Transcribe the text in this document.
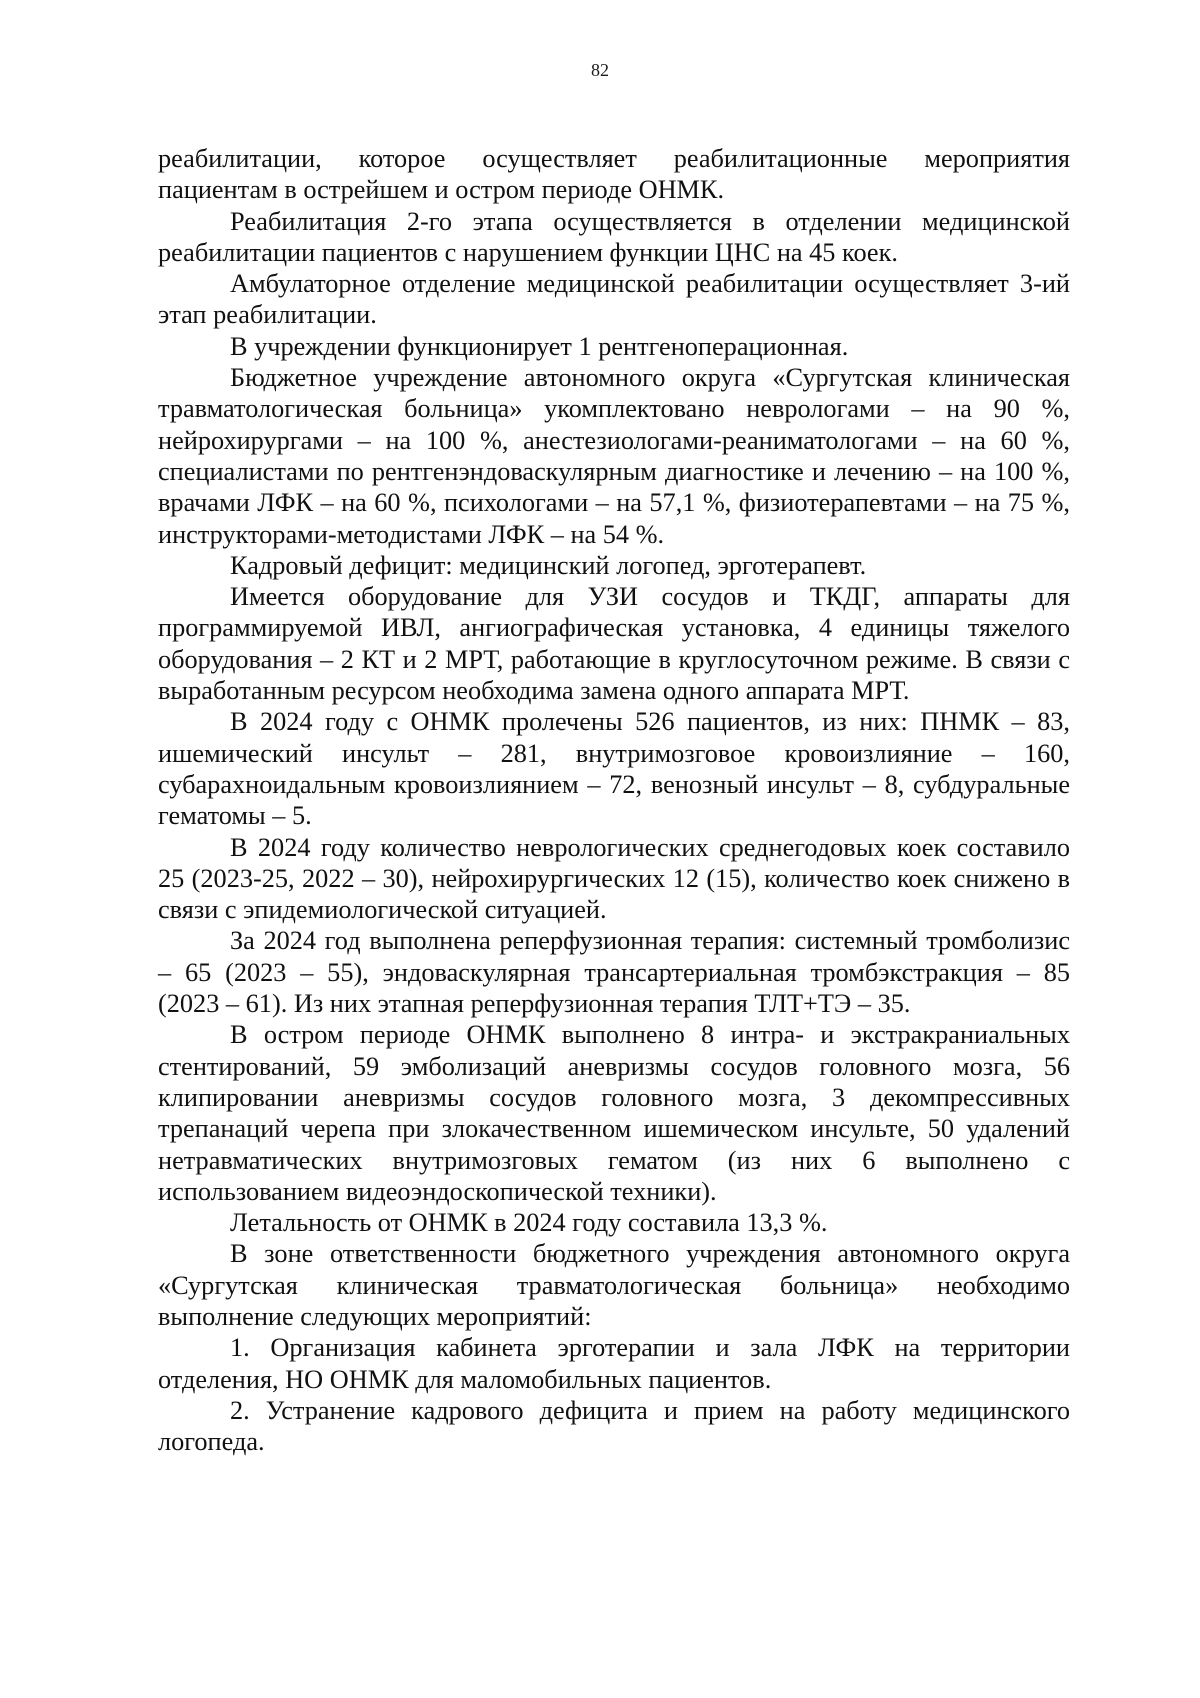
82

реабилитации, которое осуществляет реабилитационные мероприятия пациентам в острейшем и остром периоде ОНМК.

Реабилитация 2-го этапа осуществляется в отделении медицинской реабилитации пациентов с нарушением функции ЦНС на 45 коек.

Амбулаторное отделение медицинской реабилитации осуществляет 3-ий этап реабилитации.

В учреждении функционирует 1 рентгеноперационная.

Бюджетное учреждение автономного округа «Сургутская клиническая травматологическая больница» укомплектовано неврологами – на 90 %, нейрохирургами – на 100 %, анестезиологами-реаниматологами – на 60 %, специалистами по рентгенэндоваскулярным диагностике и лечению – на 100 %, врачами ЛФК – на 60 %, психологами – на 57,1 %, физиотерапевтами – на 75 %, инструкторами-методистами ЛФК – на 54 %.

Кадровый дефицит: медицинский логопед, эрготерапевт.

Имеется оборудование для УЗИ сосудов и ТКДГ, аппараты для программируемой ИВЛ, ангиографическая установка, 4 единицы тяжелого оборудования – 2 КТ и 2 МРТ, работающие в круглосуточном режиме. В связи с выработанным ресурсом необходима замена одного аппарата МРТ.

В 2024 году с ОНМК пролечены 526 пациентов, из них: ПНМК – 83, ишемический инсульт – 281, внутримозговое кровоизлияние – 160, субарахноидальным кровоизлиянием – 72, венозный инсульт – 8, субдуральные гематомы – 5.

В 2024 году количество неврологических среднегодовых коек составило 25 (2023-25, 2022 – 30), нейрохирургических 12 (15), количество коек снижено в связи с эпидемиологической ситуацией.

За 2024 год выполнена реперфузионная терапия: системный тромболизис – 65 (2023 – 55), эндоваскулярная трансартериальная тромбэкстракция – 85 (2023 – 61). Из них этапная реперфузионная терапия ТЛТ+ТЭ – 35.

В остром периоде ОНМК выполнено 8 интра- и экстракраниальных стентирований, 59 эмболизаций аневризмы сосудов головного мозга, 56 клипировании аневризмы сосудов головного мозга, 3 декомпрессивных трепанаций черепа при злокачественном ишемическом инсульте, 50 удалений нетравматических внутримозговых гематом (из них 6 выполнено с использованием видеоэндоскопической техники).

Летальность от ОНМК в 2024 году составила 13,3 %.

В зоне ответственности бюджетного учреждения автономного округа «Сургутская клиническая травматологическая больница» необходимо выполнение следующих мероприятий:

1. Организация кабинета эрготерапии и зала ЛФК на территории отделения, НО ОНМК для маломобильных пациентов.

2. Устранение кадрового дефицита и прием на работу медицинского логопеда.
